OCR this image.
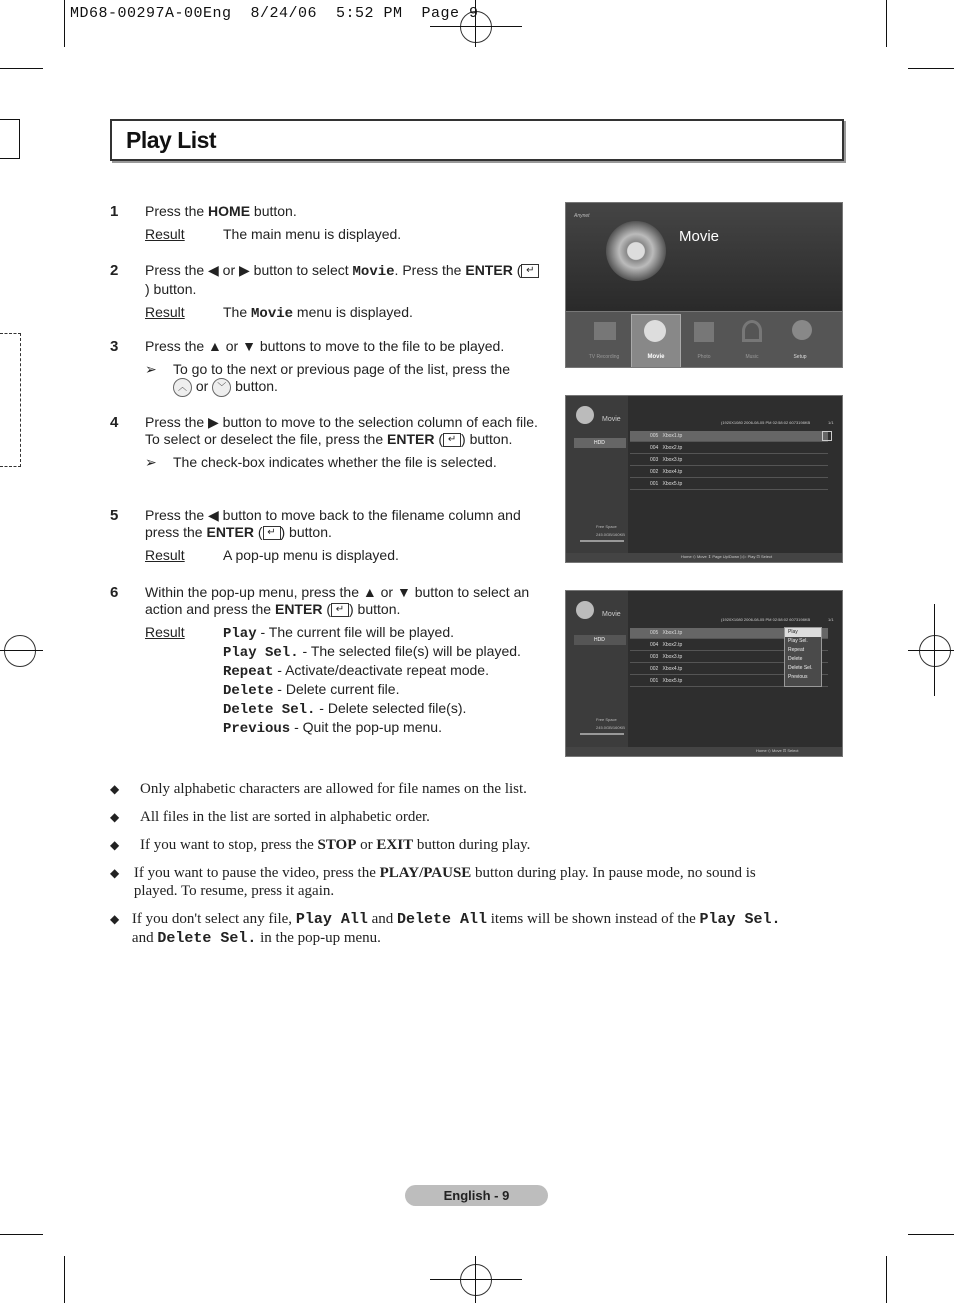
MD68-00297A-00Eng  8/24/06  5:52 PM  Page 9
Play List
1 Press the HOME button.
Result	The main menu is displayed.
2 Press the ◀ or ▶ button to select Movie. Press the ENTER ( ↵) button.
Result	The Movie menu is displayed.
3 Press the ▲ or ▼ buttons to move to the file to be played.
➢	To go to the next or previous page of the list, press the
︿ or ﹀ button.
4 Press the ▶ button to move to the selection column of each file. To select or deselect the file, press the ENTER ( ↵ ) button.
➢	The check-box indicates whether the file is selected.
5 Press the ◀ button to move back to the filename column and press the ENTER ( ↵ ) button.
Result	A pop-up menu is displayed.
6 Within the pop-up menu, press the ▲ or ▼ button to select an action and press the ENTER ( ↵ ) button.
Result	Play - The current file will be played.
Play Sel. - The selected file(s) will be played.
Repeat - Activate/deactivate repeat mode.
Delete - Delete current file.
Delete Sel. - Delete selected file(s).
Previous - Quit the pop-up menu.
Anynet
Movie
TV Recording	Movie	Photo	Music	Setup
Movie
HDD
Free Space
245.0GB/160KB
(1920X1080 2006-08-05 PM 02:58:02 6073198KB	1/1
005 Xbox1.tp
004 Xbox2.tp
003 Xbox3.tp
002 Xbox4.tp
001 Xbox5.tp
Home ◇ Move ⇕ Page Up/Down ▷▷ Play ⊡ Select
Movie
HDD
Free Space
245.0GB/160KB
(1920X1080 2006-08-05 PM 02:58:02 6073198KB	1/1
005 Xbox1.tp
004 Xbox2.tp
003 Xbox3.tp
002 Xbox4.tp
001 Xbox5.tp
Play
Play Sel.
Repeat
Delete
Delete Sel.
Previous
Home ◇ Move ⊡ Select
◆	Only alphabetic characters are allowed for file names on the list.
◆	All files in the list are sorted in alphabetic order.
◆	If you want to stop, press the STOP or EXIT button during play.
◆ If you want to pause the video, press the PLAY/PAUSE button during play. In pause mode, no sound is played. To resume, press it again.
◆ If you don't select any file, Play All and Delete All items will be shown instead of the Play Sel. and Delete Sel. in the pop-up menu.
English - 9
